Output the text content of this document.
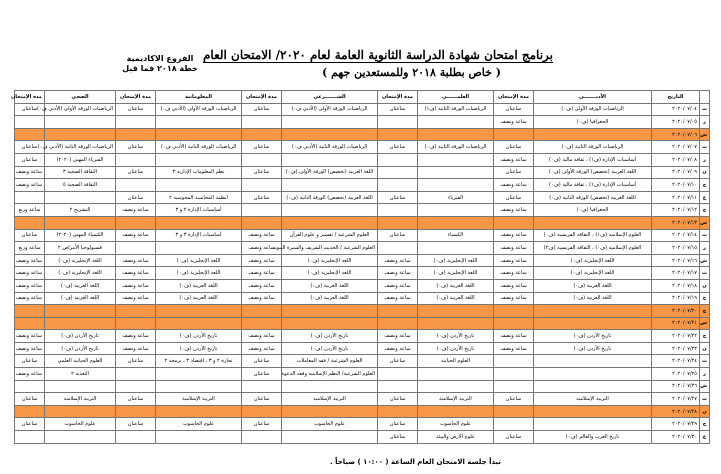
برنامج امتحان شهادة الدراسة الثانوية العامة لعام ٢٠٢٠/ الامتحان العام
( خاص بطلبة ٢٠١٨ وللمستعدين جهم )
الفروع الاكاديمية
خطة ٢٠١٨ فما قبل
	التاريخ	الأدبـــــــي	مدة الإمتحان	العلمــــــي	مدة الإمتحان	الشـــــــرعي	مدة الإمتحان	المعلوماتية	مدة الإمتحان	الصحي	مدة الإمتحان
ث	٢٠٢٠/٠٧/٠٤	الرياضيات الورقة الأولى (ف٠)	ساعتان	الرياضيات الورقة الثانية (ف١)	ساعتان	الرياضيات الورقة الأولى (الأدبي ف٠)	ساعتان	الرياضيات الورقة الأولى (الأدبي ف٠)	ساعتان	الرياضيات الورقة الأولى (الأدبي ف٠)	ساعتان
ر	٢٠٢٠/٠٧/٠٥	الجغرافيا (ف٠)	ساعة ونصف								
ش	٢٠٢٠/٠٧/٠٦										
ث	٢٠٢٠/٠٧/٠٧	الرياضيات الورقة الثانية (ف٠)	ساعتان	الرياضيات الورقة الثانية (ف٠)	ساعتان	الرياضيات الورقة الثانية (الأدبي ف٠)	ساعتان	الرياضيات الورقة الثانية (الأدبي ف٠)	ساعتان	الرياضيات الورقة الثانية (الأدبي ف٠)	ساعتان
ر	٢٠٢٠/٠٧/٠٨	أساسيات الإدارة (ف١) ، ثقافة مالية (ف٠)	ساعة ونصف							الفيزياء المهني (٢٠٢٠)	ساعتان
ن	٢٠٢٠/٠٧/٠٩	اللغة العربية (تخصص) الورقة الأولى (ف٠)	ساعتان			اللغة العربية (تخصص) الورقة الأولى (ف٠)	ساعتان	نظم المعلومات الإدارية ٣	ساعتان	الثقافة الصحية ٣	ساعة ونصف
ح	٢٠٢٠/٠٧/١٠	أساسيات الإدارة (ف١) ، ثقافة مالية (ف٠)	ساعة ونصف							الثقافة الصحية ٥	ساعة ونصف
ع	٢٠٢٠/٠٧/١١	اللغة العربية (تخصص) الورقة الثانية (ف٠)	ساعتان	الفيزياء	ساعتان	اللغة العربية (تخصص) الورقة الثانية (ف٠)	ساعتان	أنظمة المحاسبة المحوسبة ٢	ساعتان		
ج	٢٠٢٠/٠٧/١٢	الجغرافيا (ف٠)	ساعة ونصف					أساسيات الإدارة ٢ و ٣	ساعة ونصف	التشريح ٢	ساعة وربع
س	٢٠٢٠/٠٧/١٣										
ث	٢٠٢٠/٠٧/١٤	العلوم الإسلامية (ف١) ، الثقافة الفرنسية (ف٠)	ساعة ونصف	الكيمياء	ساعتان	العلوم الشرعية / تفسير و علوم القرآن	ساعة ونصف	أساسيات الإدارة ٣ و ٣	ساعة ونصف	الكيمياء المهني (٢٠٢٠)	ساعتان
ر	٢٠٢٠/٠٧/١٥	العلوم الإسلامية (ف٠) ، الثقافة الفرنسية (ف٢)	ساعة ونصف			العلوم الشرعية / الحديث الشريف والسيرة النبوية	ساعة ونصف			فسيولوجيا الأمراض ٢	ساعة وربع
ش	٢٠٢٠/٠٧/١٦	اللغة الإنجليزية (ف٠)	ساعة ونصف	اللغة الإنجليزية (ف٠)	ساعة ونصف	اللغة الإنجليزية (ف٠)	ساعة ونصف	اللغة الإنجليزية (ف٠)	ساعة ونصف	اللغة الإنجليزية (ف٠)	ساعة ونصف
ث	٢٠٢٠/٠٧/١٧	اللغة الإنجليزية (ف٠)	ساعة ونصف	اللغة الإنجليزية (ف٠)	ساعة ونصف	اللغة الإنجليزية (ف٠)	ساعة ونصف	اللغة الإنجليزية (ف٠)	ساعة ونصف	اللغة الإنجليزية (ف٠)	ساعة ونصف
ن	٢٠٢٠/٠٧/١٨	اللغة العربية (ف٠)	ساعة ونصف	اللغة العربية (ف٠)	ساعة ونصف	اللغة العربية (ف٠)	ساعة ونصف	اللغة العربية (ف٠)	ساعة ونصف	اللغة العربية (ف٠)	ساعة ونصف
ح	٢٠٢٠/٠٧/١٩	اللغة العربية (ف٠)	ساعة ونصف	اللغة العربية (ف٠)	ساعة ونصف	اللغة العربية (ف٠)	ساعة ونصف	اللغة العربية (ف٠)	ساعة ونصف	اللغة العربية (ف٠)	ساعة ونصف
ج	٢٠٢٠/٠٧/٢٠										
س	٢٠٢٠/٠٧/٢١										
ح	٢٠٢٠/٠٧/٢٢	تاريخ الأردن (ف٠)	ساعة ونصف	تاريخ الأردن (ف٠)	ساعة ونصف	تاريخ الأردن (ف٠)	ساعة ونصف	تاريخ الأردن (ف٠)	ساعة ونصف	تاريخ الأردن (ف٠)	ساعة ونصف
ن	٢٠٢٠/٠٧/٢٣	تاريخ الأردن (ف٠)	ساعة ونصف	تاريخ الأردن (ف٠)	ساعة ونصف	تاريخ الأردن (ف٠)	ساعة ونصف	تاريخ الأردن (ف٠)	ساعة ونصف	تاريخ الأردن (ف٠)	ساعة ونصف
ث	٢٠٢٠/٠٧/٢٤			العلوم الحياتية	ساعتان	العلوم الشرعية / فقه المعاملات	ساعتان	تجارة ٢ و ٣ ، اقتصاد ٣ ، برمجة ٢	ساعتان	العلوم الحياتية العلمي	ساعتان
ر	٢٠٢٠/٠٧/٢٥					العلوم الشرعية/ النظم الإسلامية وفقه الدعوة	ساعتان			التغذية ٢	ساعة ونصف
ش	٢٠٢٠/٠٧/٢٦										
ث	٢٠٢٠/٠٧/٢٧	التربية الإسلامية	ساعتان	التربية الإسلامية	ساعتان	التربية الإسلامية	ساعتان	التربية الإسلامية	ساعتان	التربية الإسلامية	ساعتان
ن	٢٠٢٠/٠٧/٢٨										
ح	٢٠٢٠/٠٧/٢٩			علوم الحاسوب	ساعتان	علوم الحاسوب	ساعتان	علوم الحاسوب	ساعتان	علوم الحاسوب	ساعتان
ع	٢٠٢٠/٠٧/٣٠	تاريخ العرب والعالم (ف٠)	ساعتان	علوم الأرض والبيئة	ساعتان						
تبدأ جلسة الامتحان العام الساعة ( ١٠:٠٠ ) صباحاً .
